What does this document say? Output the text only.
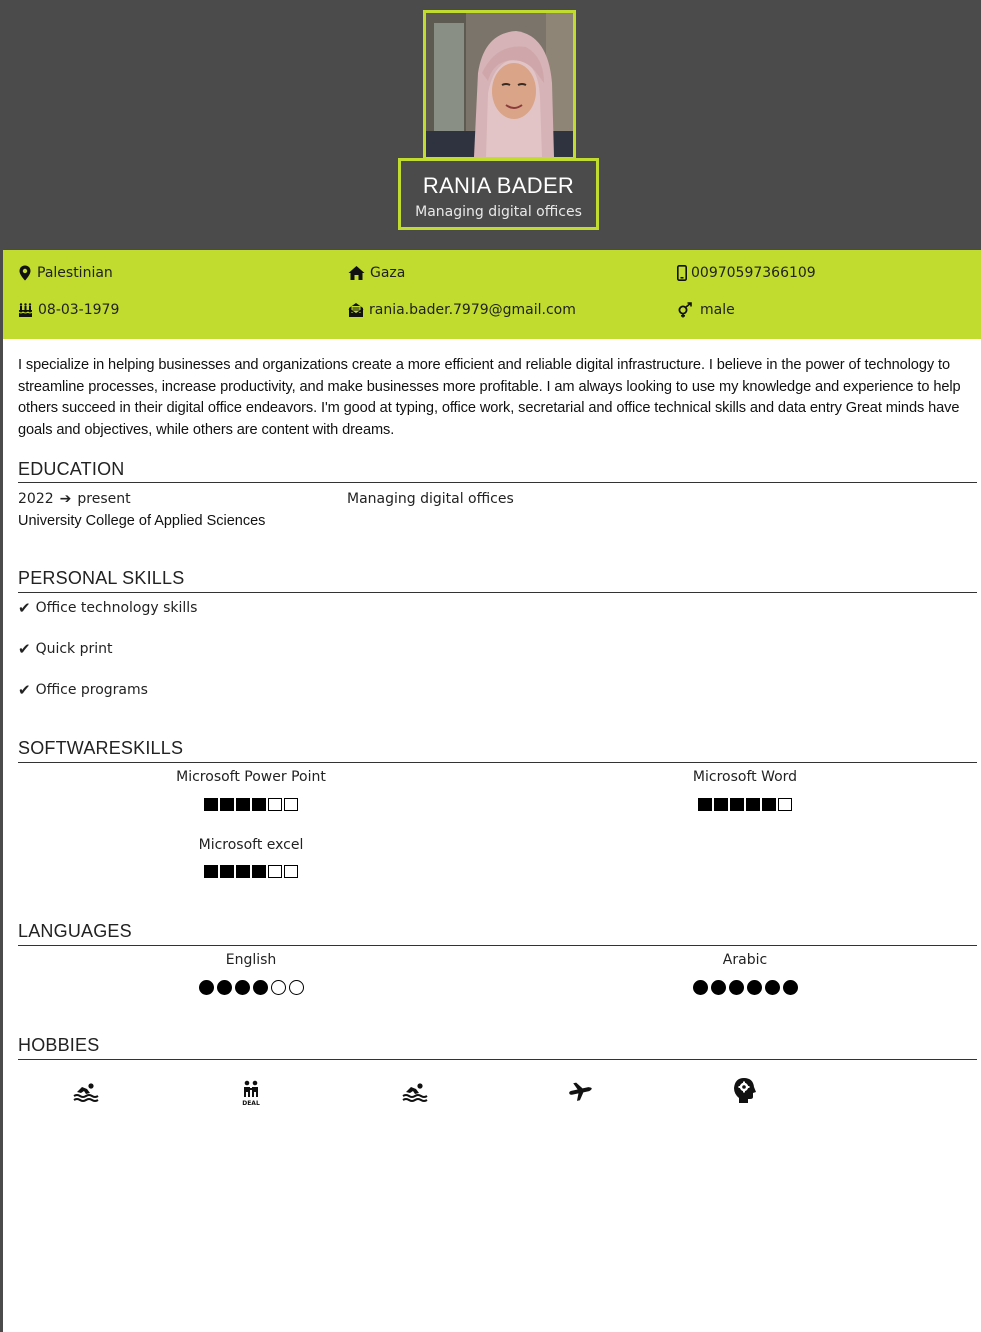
RANIA BADER
Managing digital offices
Palestinian	Gaza	00970597366109
08-03-1979	rania.bader.7979@gmail.com	male
I specialize in helping businesses and organizations create a more efficient and reliable digital infrastructure. I believe in the power of technology to streamline processes, increase productivity, and make businesses more profitable. I am always looking to use my knowledge and experience to help others succeed in their digital office endeavors. I'm good at typing, office work, secretarial and office technical skills and data entry Great minds have goals and objectives, while others are content with dreams.
EDUCATION
2022 ➔ present
University College of Applied Sciences
Managing digital offices
PERSONAL SKILLS
✔ Office technology skills
✔ Quick print
✔ Office programs
SOFTWARESKILLS
Microsoft Power Point	Microsoft Word
Microsoft excel
LANGUAGES
English	Arabic
HOBBIES
DEAL
